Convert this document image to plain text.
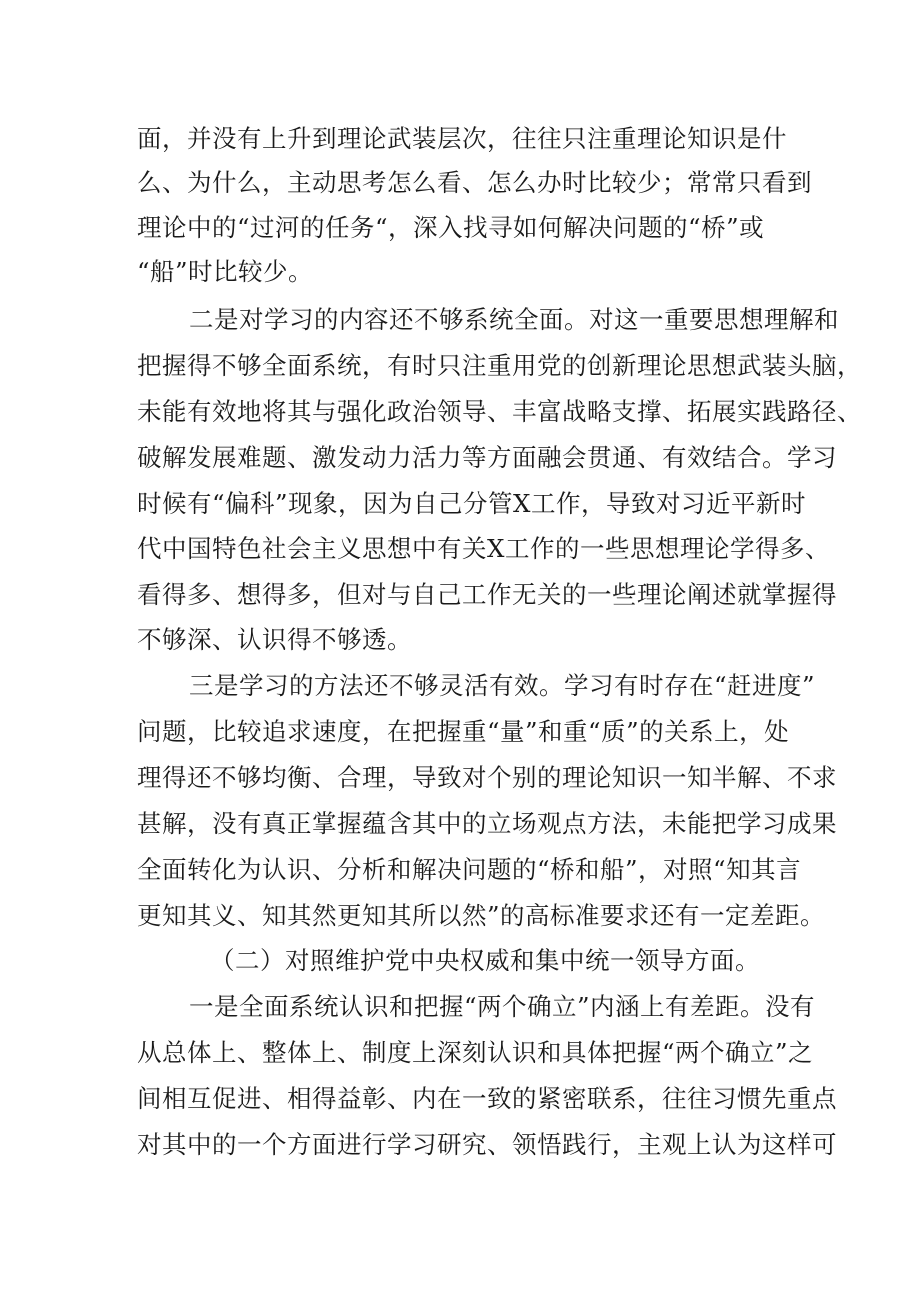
面，并没有上升到理论武装层次，往往只注重理论知识是什
么、为什么，主动思考怎么看、怎么办时比较少；常常只看到
理论中的“过河的任务“，深入找寻如何解决问题的“桥”或
“船”时比较少。
二是对学习的内容还不够系统全面。对这一重要思想理解和
把握得不够全面系统，有时只注重用党的创新理论思想武装头脑，
未能有效地将其与强化政治领导、丰富战略支撑、拓展实践路径、
破解发展难题、激发动力活力等方面融会贯通、有效结合。学习
时候有“偏科”现象，因为自己分管X工作，导致对习近平新时
代中国特色社会主义思想中有关X工作的一些思想理论学得多、
看得多、想得多，但对与自己工作无关的一些理论阐述就掌握得
不够深、认识得不够透。
三是学习的方法还不够灵活有效。学习有时存在“赶进度”
问题，比较追求速度，在把握重“量”和重“质”的关系上，处
理得还不够均衡、合理，导致对个别的理论知识一知半解、不求
甚解，没有真正掌握蕴含其中的立场观点方法，未能把学习成果
全面转化为认识、分析和解决问题的“桥和船”，对照“知其言
更知其义、知其然更知其所以然”的高标准要求还有一定差距。
（二）对照维护党中央权威和集中统一领导方面。
一是全面系统认识和把握“两个确立”内涵上有差距。没有
从总体上、整体上、制度上深刻认识和具体把握“两个确立”之
间相互促进、相得益彰、内在一致的紧密联系，往往习惯先重点
对其中的一个方面进行学习研究、领悟践行，主观上认为这样可
